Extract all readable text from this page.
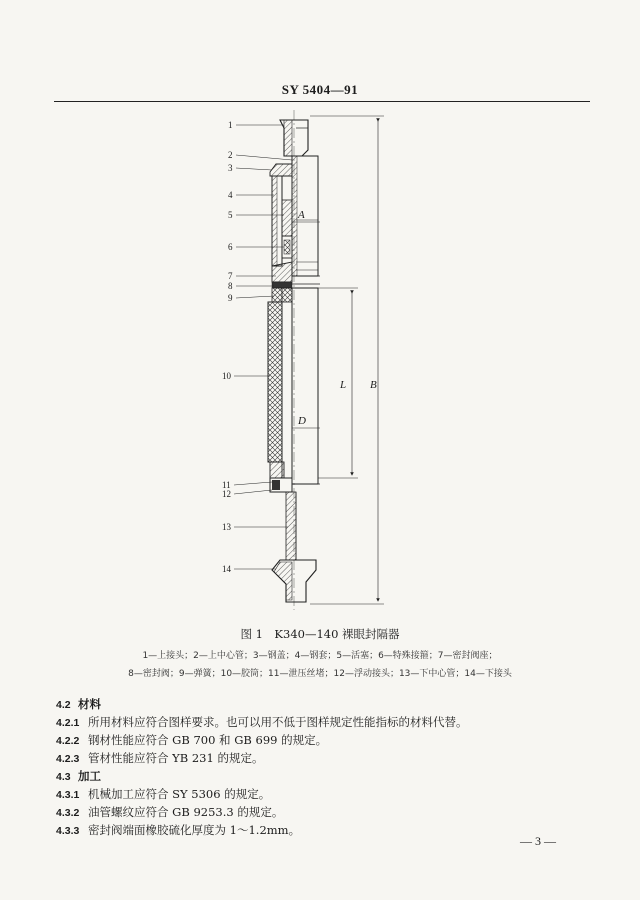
SY 5404—91
1
2
3
4
5
6
7
8
9
10
11
12
13
14
A
D
L B
图 1　K340—140 裸眼封隔器
1—上接头；2—上中心管；3—钢盖；4—钢套；5—活塞；6—特殊接箍；7—密封阀座；
8—密封阀；9—弹簧；10—胶筒；11—泄压丝堵；12—浮动接头；13—下中心管；14—下接头
4.2 材料
4.2.1 所用材料应符合图样要求。也可以用不低于图样规定性能指标的材料代替。
4.2.2 钢材性能应符合 GB 700 和 GB 699 的规定。
4.2.3 管材性能应符合 YB 231 的规定。
4.3 加工
4.3.1 机械加工应符合 SY 5306 的规定。
4.3.2 油管螺纹应符合 GB 9253.3 的规定。
4.3.3 密封阀端面橡胶硫化厚度为 1～1.2mm。
— 3 —
